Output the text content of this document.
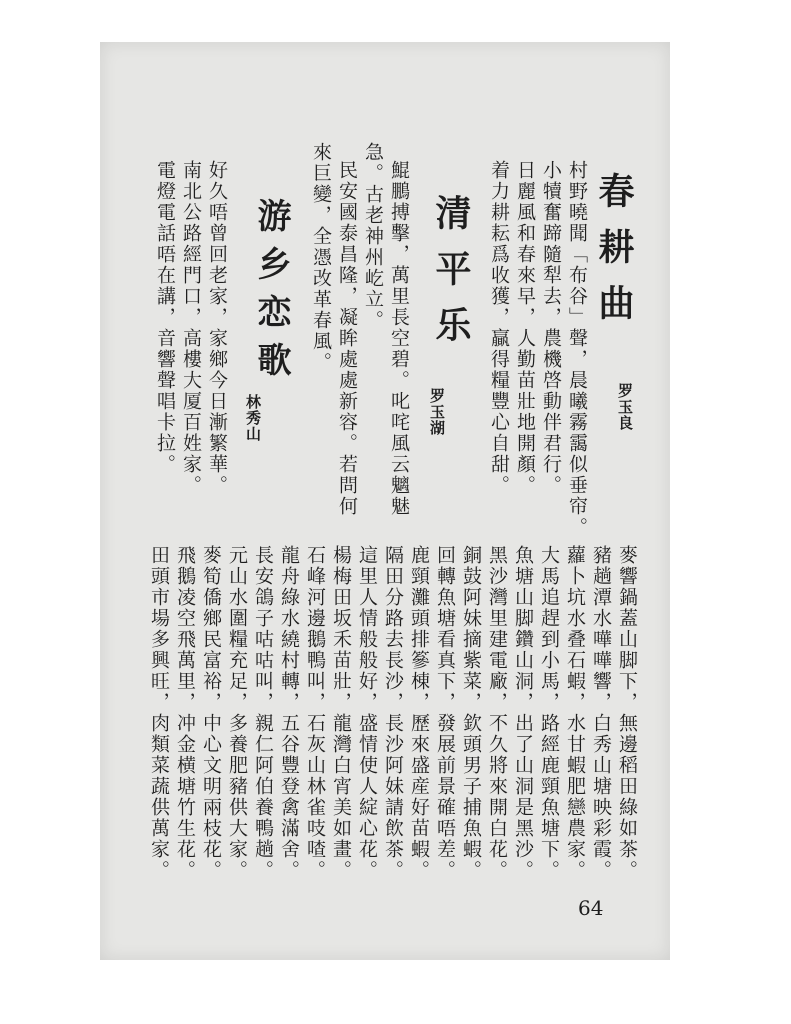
春耕曲
罗玉良
村野曉聞「布谷」聲，晨曦霧靄似垂帘。
小犢奮蹄隨犁去，農機啓動伴君行。
日麗風和春來早，人勤苗壯地開顏。
着力耕耘爲收獲，贏得糧豐心自甜。
清平乐
罗玉湖
鯤鵬搏擊，萬里長空碧。叱咤風云魑魅
急。古老神州屹立。
民安國泰昌隆，凝眸處處新容。若問何
來巨變，全憑改革春風。
游乡恋歌
林秀山
好久唔曾回老家，家鄉今日漸繁華。
南北公路經門口，高樓大厦百姓家。
電燈電話唔在講，音響聲唱卡拉。
麥響鍋蓋山脚下，無邊稻田綠如茶。
豬趟潭水嘩嘩響，白秀山塘映彩霞。
蘿卜坑水叠石蝦，水甘蝦肥戀農家。
大馬追趕到小馬，路經鹿頸魚塘下。
魚塘山脚鑽山洞，出了山洞是黑沙。
黑沙灣里建電廠，不久將來開白花。
銅鼓阿妹摘紫菜，欽頭男子捕魚蝦。
回轉魚塘看真下，發展前景確唔差。
鹿頸灘頭排篸棟，歷來盛産好苗蝦。
隔田分路去長沙，長沙阿妹請飲茶。
這里人情般般好，盛情使人綻心花。
楊梅田坂禾苗壯，龍灣白宵美如畫。
石峰河邊鵝鴨叫，石灰山林雀吱喳。
龍舟綠水繞村轉，五谷豐登禽滿舍。
長安鴿子咕咕叫，親仁阿伯養鴨趟。
元山水圍糧充足，多養肥豬供大家。
麥筍僑鄉民富裕，中心文明兩枝花。
飛鵝凌空飛萬里，冲金横塘竹生花。
田頭市場多興旺，肉類菜蔬供萬家。
64
